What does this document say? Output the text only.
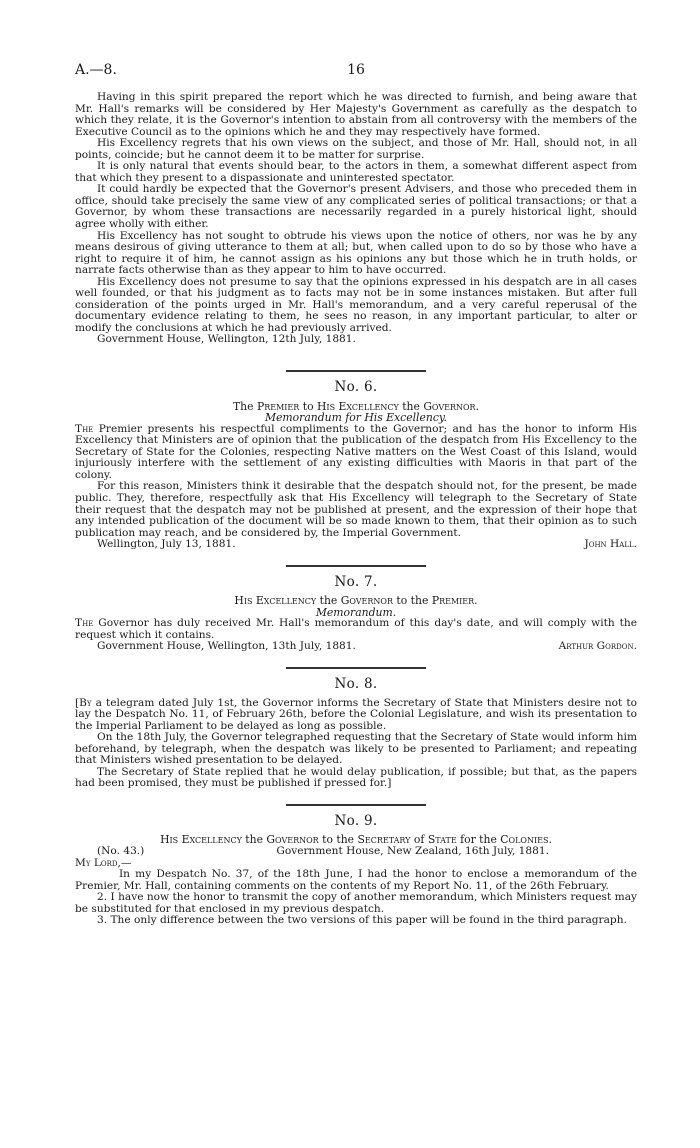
A.—8.	16

Having in this spirit prepared the report which he was directed to furnish, and being aware that Mr. Hall's remarks will be considered by Her Majesty's Government as carefully as the despatch to which they relate, it is the Governor's intention to abstain from all controversy with the members of the Executive Council as to the opinions which he and they may respectively have formed.

His Excellency regrets that his own views on the subject, and those of Mr. Hall, should not, in all points, coincide; but he cannot deem it to be matter for surprise.

It is only natural that events should bear, to the actors in them, a somewhat different aspect from that which they present to a dispassionate and uninterested spectator.

It could hardly be expected that the Governor's present Advisers, and those who preceded them in office, should take precisely the same view of any complicated series of political transactions; or that a Governor, by whom these transactions are necessarily regarded in a purely historical light, should agree wholly with either.

His Excellency has not sought to obtrude his views upon the notice of others, nor was he by any means desirous of giving utterance to them at all; but, when called upon to do so by those who have a right to require it of him, he cannot assign as his opinions any but those which he in truth holds, or narrate facts otherwise than as they appear to him to have occurred.

His Excellency does not presume to say that the opinions expressed in his despatch are in all cases well founded, or that his judgment as to facts may not be in some instances mistaken. But after full consideration of the points urged in Mr. Hall's memorandum, and a very careful reperusal of the documentary evidence relating to them, he sees no reason, in any important particular, to alter or modify the conclusions at which he had previously arrived.

Government House, Wellington, 12th July, 1881.

No. 6.
The Premier to His Excellency the Governor.
Memorandum for His Excellency.

The Premier presents his respectful compliments to the Governor; and has the honor to inform His Excellency that Ministers are of opinion that the publication of the despatch from His Excellency to the Secretary of State for the Colonies, respecting Native matters on the West Coast of this Island, would injuriously interfere with the settlement of any existing difficulties with Maoris in that part of the colony.

For this reason, Ministers think it desirable that the despatch should not, for the present, be made public. They, therefore, respectfully ask that His Excellency will telegraph to the Secretary of State their request that the despatch may not be published at present, and the expression of their hope that any intended publication of the document will be so made known to them, that their opinion as to such publication may reach, and be considered by, the Imperial Government.

Wellington, July 13, 1881.	John Hall.
No. 7.
His Excellency the Governor to the Premier.
Memorandum.

The Governor has duly received Mr. Hall's memorandum of this day's date, and will comply with the request which it contains.

Government House, Wellington, 13th July, 1881.	Arthur Gordon.
No. 8.

[By a telegram dated July 1st, the Governor informs the Secretary of State that Ministers desire not to lay the Despatch No. 11, of February 26th, before the Colonial Legislature, and wish its presentation to the Imperial Parliament to be delayed as long as possible.

On the 18th July, the Governor telegraphed requesting that the Secretary of State would inform him beforehand, by telegraph, when the despatch was likely to be presented to Parliament; and repeating that Ministers wished presentation to be delayed.

The Secretary of State replied that he would delay publication, if possible; but that, as the papers had been promised, they must be published if pressed for.]

No. 9.
His Excellency the Governor to the Secretary of State for the Colonies.
(No. 43.)	Government House, New Zealand, 16th July, 1881.

My Lord,—

In my Despatch No. 37, of the 18th June, I had the honor to enclose a memorandum of the Premier, Mr. Hall, containing comments on the contents of my Report No. 11, of the 26th February.

2. I have now the honor to transmit the copy of another memorandum, which Ministers request may be substituted for that enclosed in my previous despatch.

3. The only difference between the two versions of this paper will be found in the third paragraph.
